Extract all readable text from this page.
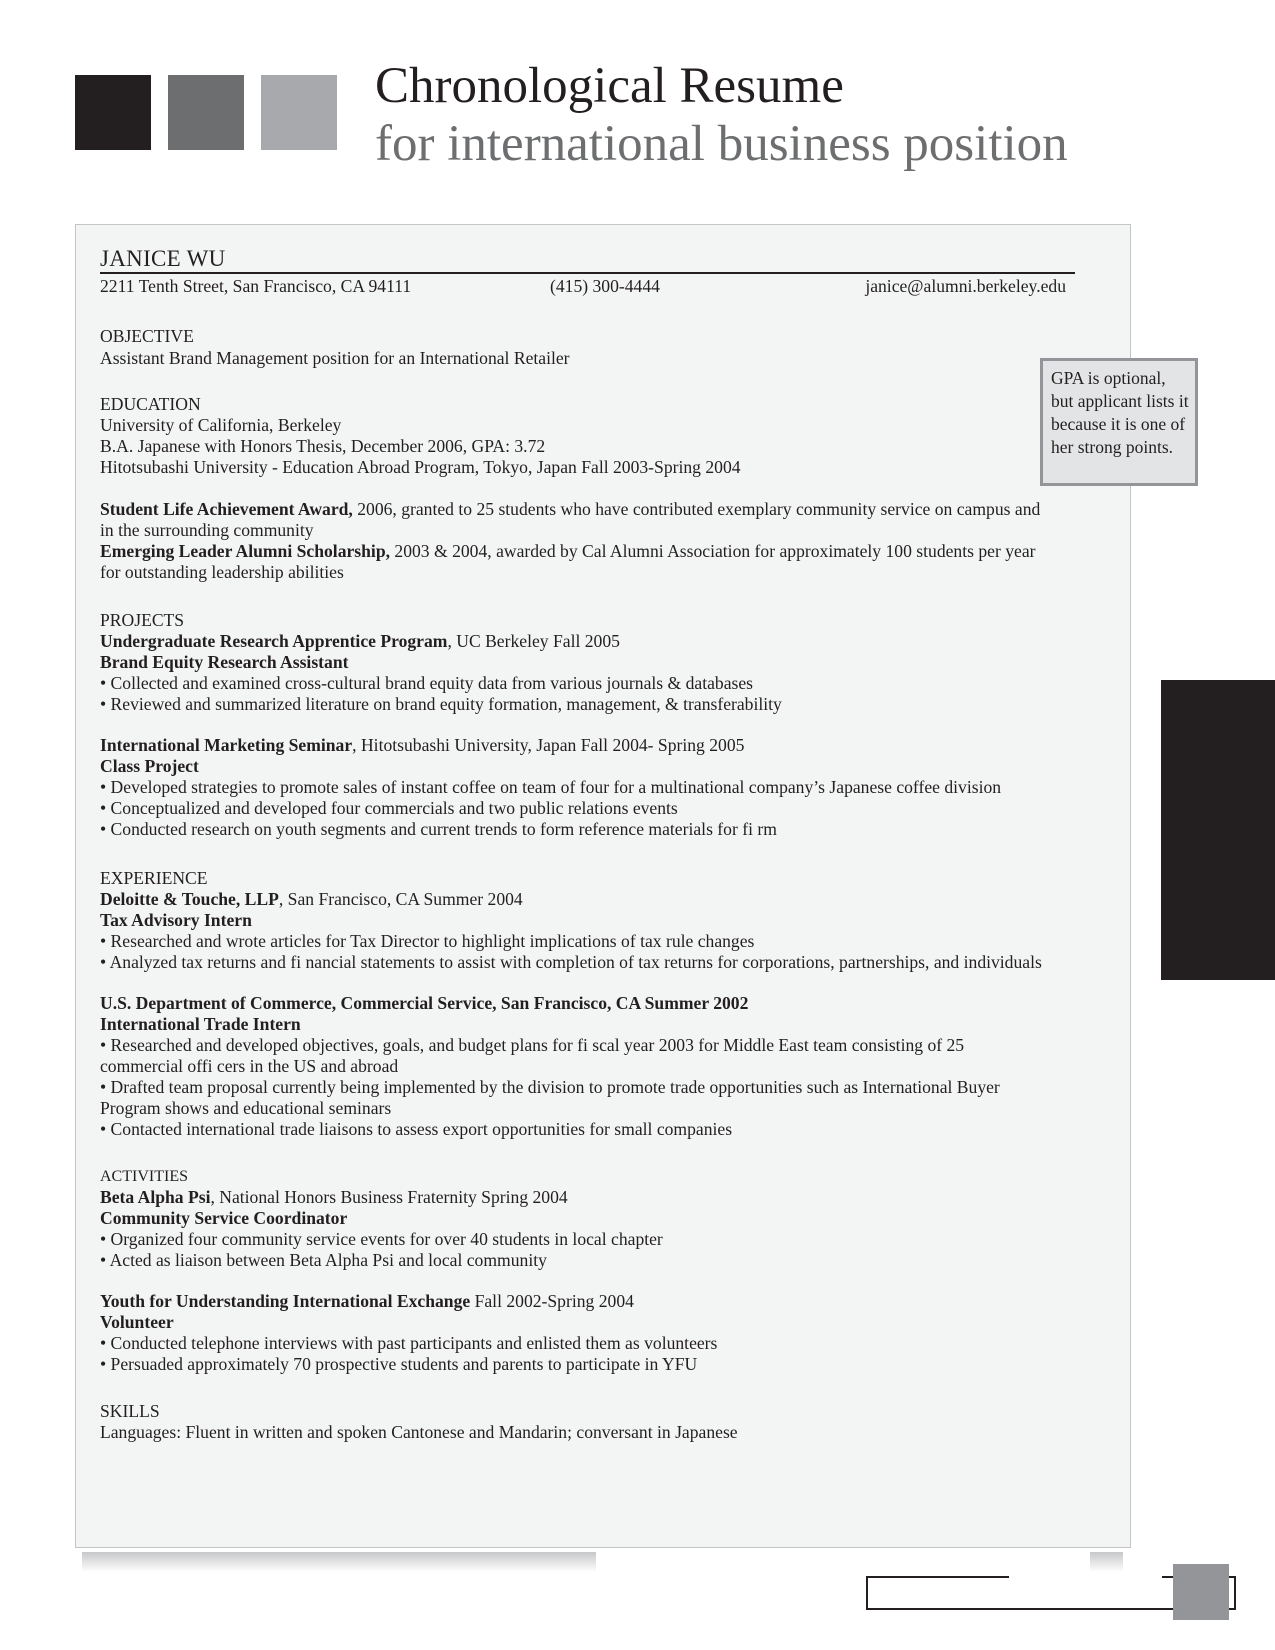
Chronological Resume
for international business position
JANICE WU
2211 Tenth Street, San Francisco, CA 94111	(415) 300-4444	janice@alumni.berkeley.edu
OBJECTIVE
Assistant Brand Management position for an International Retailer
EDUCATION
University of California, Berkeley
B.A. Japanese with Honors Thesis, December 2006, GPA: 3.72
Hitotsubashi University - Education Abroad Program, Tokyo, Japan Fall 2003-Spring 2004
Student Life Achievement Award, 2006, granted to 25 students who have contributed exemplary community service on campus and in the surrounding community
Emerging Leader Alumni Scholarship, 2003 & 2004, awarded by Cal Alumni Association for approximately 100 students per year for outstanding leadership abilities
PROJECTS
Undergraduate Research Apprentice Program, UC Berkeley Fall 2005
Brand Equity Research Assistant
• Collected and examined cross-cultural brand equity data from various journals & databases
• Reviewed and summarized literature on brand equity formation, management, & transferability
International Marketing Seminar, Hitotsubashi University, Japan Fall 2004- Spring 2005
Class Project
• Developed strategies to promote sales of instant coffee on team of four for a multinational company’s Japanese coffee division
• Conceptualized and developed four commercials and two public relations events
• Conducted research on youth segments and current trends to form reference materials for fi rm
EXPERIENCE
Deloitte & Touche, LLP, San Francisco, CA Summer 2004
Tax Advisory Intern
• Researched and wrote articles for Tax Director to highlight implications of tax rule changes
• Analyzed tax returns and fi nancial statements to assist with completion of tax returns for corporations, partnerships, and individuals
U.S. Department of Commerce, Commercial Service, San Francisco, CA Summer 2002
International Trade Intern
• Researched and developed objectives, goals, and budget plans for fi scal year 2003 for Middle East team consisting of 25 commercial offi cers in the US and abroad
• Drafted team proposal currently being implemented by the division to promote trade opportunities such as International Buyer Program shows and educational seminars
• Contacted international trade liaisons to assess export opportunities for small companies
ACTIVITIES
Beta Alpha Psi, National Honors Business Fraternity Spring 2004
Community Service Coordinator
• Organized four community service events for over 40 students in local chapter
• Acted as liaison between Beta Alpha Psi and local community
Youth for Understanding International Exchange Fall 2002-Spring 2004
Volunteer
• Conducted telephone interviews with past participants and enlisted them as volunteers
• Persuaded approximately 70 prospective students and parents to participate in YFU
SKILLS
Languages: Fluent in written and spoken Cantonese and Mandarin; conversant in Japanese
GPA is optional, but applicant lists it because it is one of her strong points.
